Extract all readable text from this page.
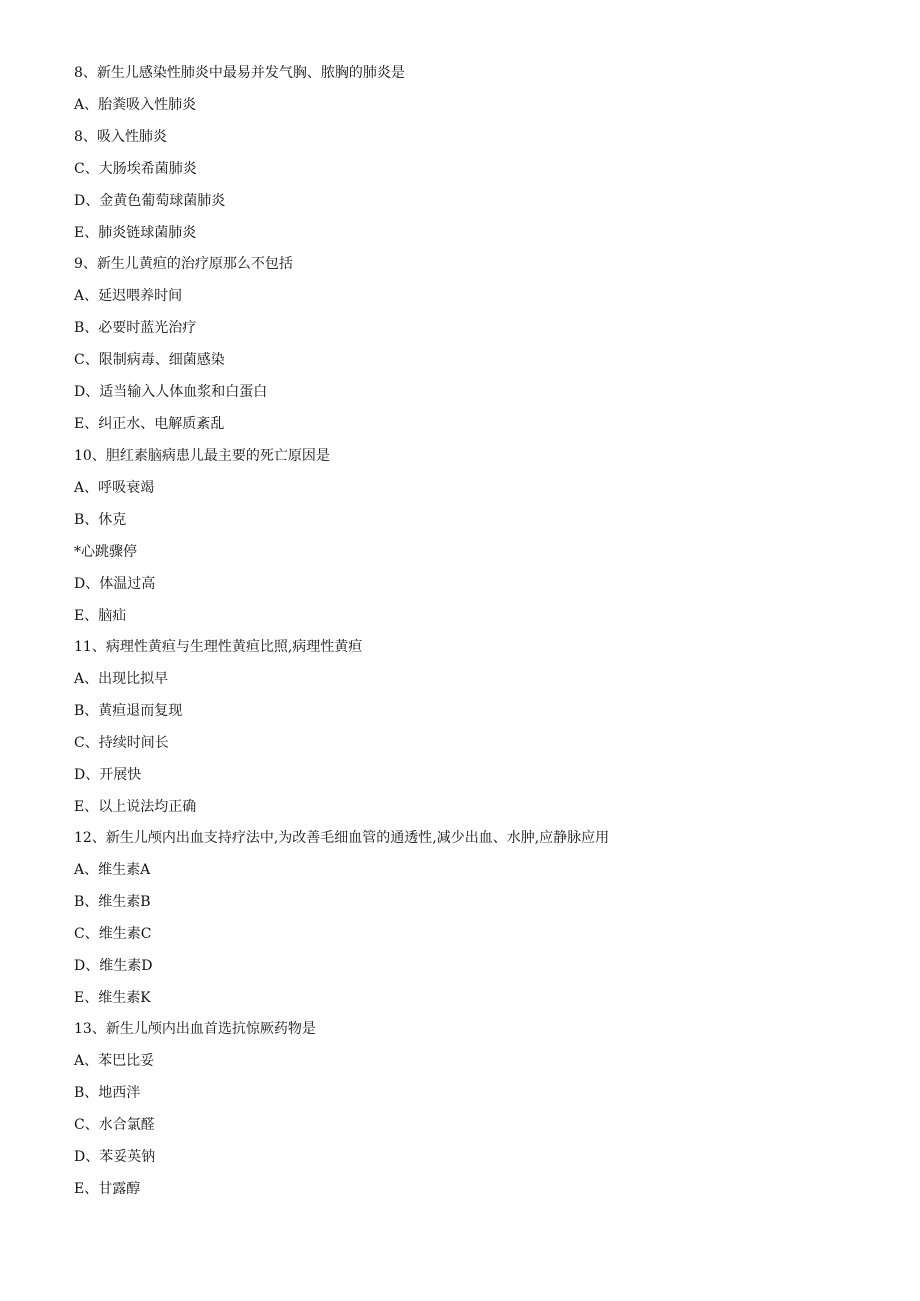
8、新生儿感染性肺炎中最易并发气胸、脓胸的肺炎是
A、胎粪吸入性肺炎
8、吸入性肺炎
C、大肠埃希菌肺炎
D、金黄色葡萄球菌肺炎
E、肺炎链球菌肺炎
9、新生儿黄疸的治疗原那么不包括
A、延迟喂养时间
B、必要时蓝光治疗
C、限制病毒、细菌感染
D、适当输入人体血浆和白蛋白
E、纠正水、电解质紊乱
10、胆红素脑病患儿最主要的死亡原因是
A、呼吸衰竭
B、休克
*心跳骤停
D、体温过高
E、脑疝
11、病理性黄疸与生理性黄疸比照,病理性黄疸
A、出现比拟早
B、黄疸退而复现
C、持续时间长
D、开展快
E、以上说法均正确
12、新生儿颅内出血支持疗法中,为改善毛细血管的通透性,减少出血、水肿,应静脉应用
A、维生素A
B、维生素B
C、维生素C
D、维生素D
E、维生素K
13、新生儿颅内出血首选抗惊厥药物是
A、苯巴比妥
B、地西泮
C、水合氯醛
D、苯妥英钠
E、甘露醇
